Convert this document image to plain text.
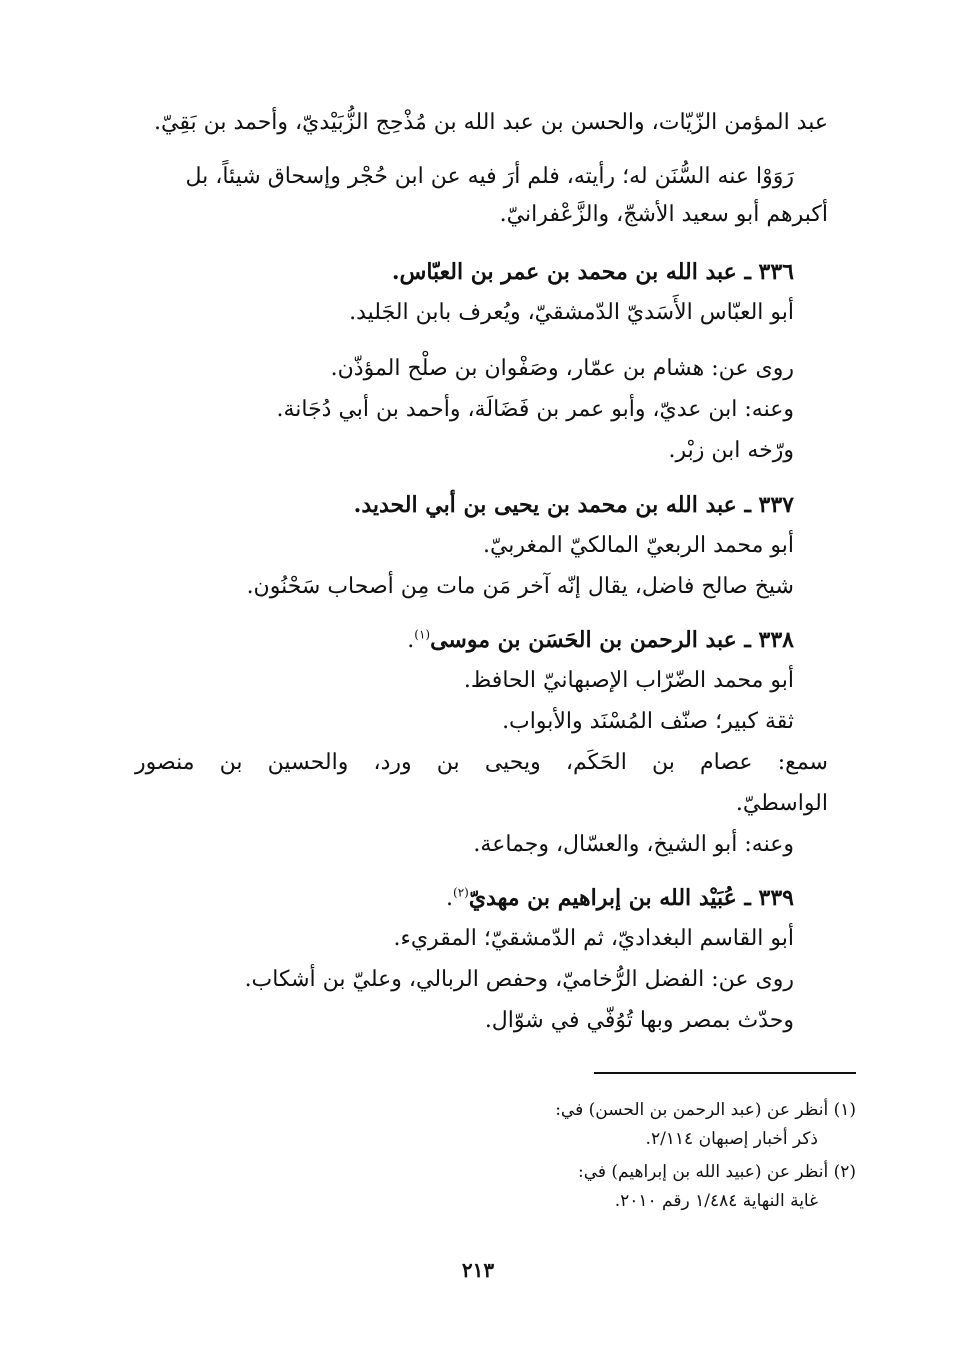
عبد المؤمن الزّيّات، والحسن بن عبد الله بن مُذْحِج الزُّبَيْديّ، وأحمد بن بَقِيّ.
رَوَوْا عنه السُّنَن له؛ رأيته، فلم أرَ فيه عن ابن حُجْر وإسحاق شيئاً، بل
أكبرهم أبو سعيد الأشجّ، والزَّعْفرانيّ.
٣٣٦ ـ عبد الله بن محمد بن عمر بن العبّاس.
أبو العبّاس الأَسَديّ الدّمشقيّ، ويُعرف بابن الجَليد.
روى عن: هشام بن عمّار، وصَفْوان بن صلْح المؤذّن.
وعنه: ابن عديّ، وأبو عمر بن فَضَالَة، وأحمد بن أبي دُجَانة.
ورّخه ابن زبْر.
٣٣٧ ـ عبد الله بن محمد بن يحيى بن أبي الحديد.
أبو محمد الربعيّ المالكيّ المغربيّ.
شيخ صالح فاضل، يقال إنّه آخر مَن مات مِن أصحاب سَحْنُون.
٣٣٨ ـ عبد الرحمن بن الحَسَن بن موسى$^{(١)}$.
أبو محمد الضّرّاب الإصبهانيّ الحافظ.
ثقة كبير؛ صنّف المُسْنَد والأبواب.
سمع: عصام بن الحَكَم، ويحيى بن ورد، والحسين بن منصور
الواسطيّ.
وعنه: أبو الشيخ، والعسّال، وجماعة.
٣٣٩ ـ عُبَيْد الله بن إبراهيم بن مهديّ$^{(٢)}$.
أبو القاسم البغداديّ، ثم الدّمشقيّ؛ المقريء.
روى عن: الفضل الرُّخاميّ، وحفص الربالي، وعليّ بن أشكاب.
وحدّث بمصر وبها تُوُفّي في شوّال.
(١) أنظر عن (عبد الرحمن بن الحسن) في:
ذكر أخبار إصبهان ٢/١١٤.
(٢) أنظر عن (عبيد الله بن إبراهيم) في:
غاية النهاية ١/٤٨٤ رقم ٢٠١٠.
٢١٣
